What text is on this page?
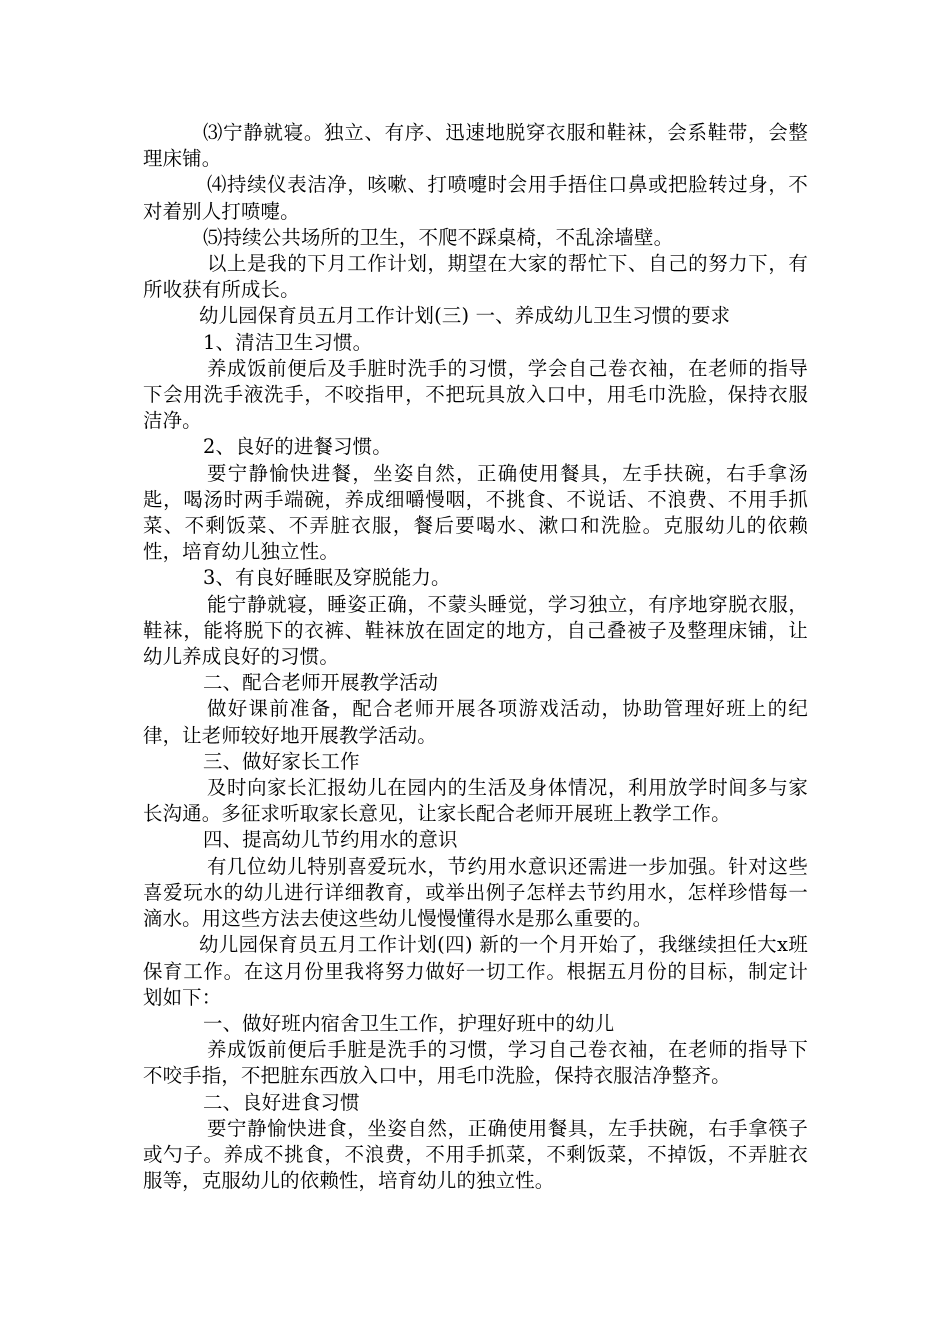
⑶宁静就寝。独立、有序、迅速地脱穿衣服和鞋袜，会系鞋带，会整理床铺。

⑷持续仪表洁净，咳嗽、打喷嚏时会用手捂住口鼻或把脸转过身，不对着别人打喷嚏。

⑸持续公共场所的卫生，不爬不踩桌椅，不乱涂墙壁。

以上是我的下月工作计划，期望在大家的帮忙下、自己的努力下，有所收获有所成长。

幼儿园保育员五月工作计划(三) 一、养成幼儿卫生习惯的要求

1、清洁卫生习惯。

养成饭前便后及手脏时洗手的习惯，学会自己卷衣袖，在老师的指导下会用洗手液洗手，不咬指甲，不把玩具放入口中，用毛巾洗脸，保持衣服洁净。

2、良好的进餐习惯。

要宁静愉快进餐，坐姿自然，正确使用餐具，左手扶碗，右手拿汤匙，喝汤时两手端碗，养成细嚼慢咽，不挑食、不说话、不浪费、不用手抓菜、不剩饭菜、不弄脏衣服，餐后要喝水、漱口和洗脸。克服幼儿的依赖性，培育幼儿独立性。

3、有良好睡眠及穿脱能力。

能宁静就寝，睡姿正确，不蒙头睡觉，学习独立，有序地穿脱衣服，鞋袜，能将脱下的衣裤、鞋袜放在固定的地方，自己叠被子及整理床铺，让幼儿养成良好的习惯。

二、配合老师开展教学活动

做好课前准备，配合老师开展各项游戏活动，协助管理好班上的纪律，让老师较好地开展教学活动。

三、做好家长工作

及时向家长汇报幼儿在园内的生活及身体情况，利用放学时间多与家长沟通。多征求听取家长意见，让家长配合老师开展班上教学工作。

四、提高幼儿节约用水的意识

有几位幼儿特别喜爱玩水，节约用水意识还需进一步加强。针对这些喜爱玩水的幼儿进行详细教育，或举出例子怎样去节约用水，怎样珍惜每一滴水。用这些方法去使这些幼儿慢慢懂得水是那么重要的。

幼儿园保育员五月工作计划(四) 新的一个月开始了，我继续担任大x班保育工作。在这月份里我将努力做好一切工作。根据五月份的目标，制定计划如下：

一、做好班内宿舍卫生工作，护理好班中的幼儿

养成饭前便后手脏是洗手的习惯，学习自己卷衣袖，在老师的指导下不咬手指，不把脏东西放入口中，用毛巾洗脸，保持衣服洁净整齐。

二、良好进食习惯

要宁静愉快进食，坐姿自然，正确使用餐具，左手扶碗，右手拿筷子或勺子。养成不挑食，不浪费，不用手抓菜，不剩饭菜，不掉饭，不弄脏衣服等，克服幼儿的依赖性，培育幼儿的独立性。
